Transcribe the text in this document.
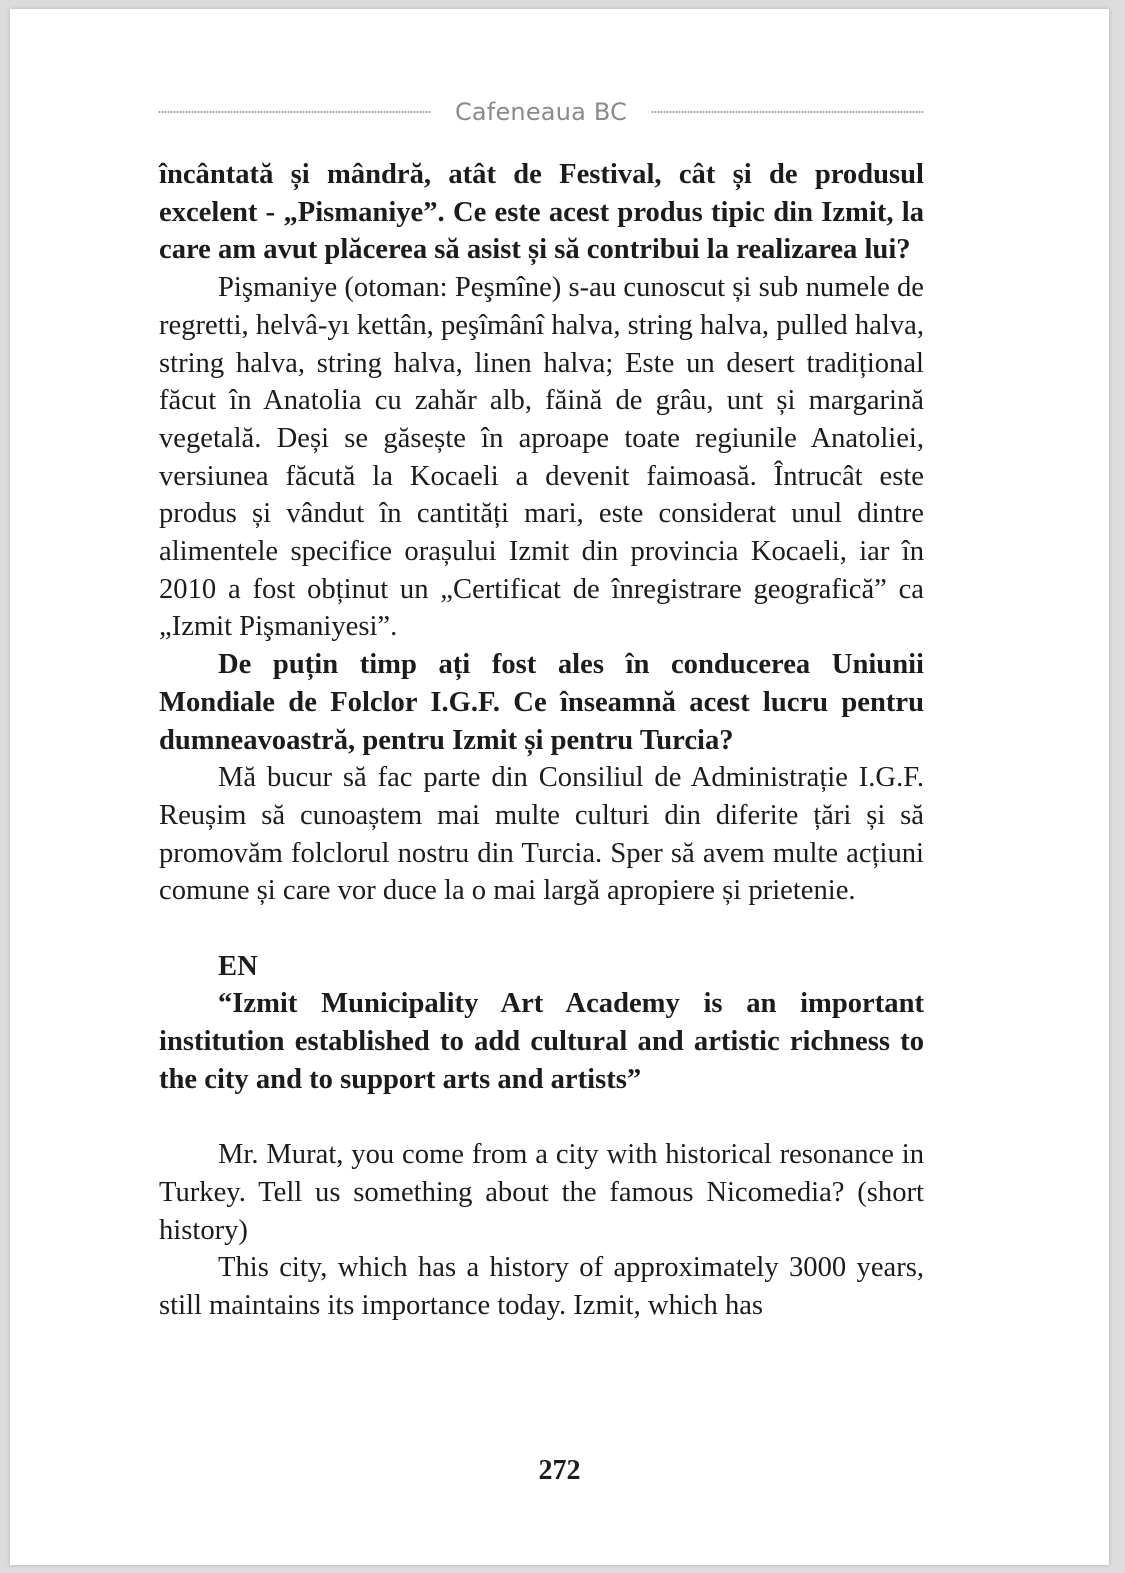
Cafeneaua BC

încântată și mândră, atât de Festival, cât și de produsul excelent - „Pismaniye”. Ce este acest produs tipic din Izmit, la care am avut plăcerea să asist și să contribui la realizarea lui?

Pişmaniye (otoman: Peşmîne) s-au cunoscut și sub numele de regretti, helvâ-yı kettân, peşîmânî halva, string halva, pulled halva, string halva, string halva, linen halva; Este un desert tradițional făcut în Anatolia cu zahăr alb, făină de grâu, unt și margarină vegetală. Deși se găsește în aproape toate regiunile Anatoliei, versiunea făcută la Kocaeli a devenit faimoasă. Întrucât este produs și vândut în cantități mari, este considerat unul dintre alimentele specifice orașului Izmit din provincia Kocaeli, iar în 2010 a fost obținut un „Certificat de înregistrare geografică” ca „Izmit Pişmaniyesi”.

De puțin timp ați fost ales în conducerea Uniunii Mondiale de Folclor I.G.F. Ce înseamnă acest lucru pentru dumneavoastră, pentru Izmit și pentru Turcia?

Mă bucur să fac parte din Consiliul de Administrație I.G.F. Reușim să cunoaștem mai multe culturi din diferite țări și să promovăm folclorul nostru din Turcia. Sper să avem multe acțiuni comune și care vor duce la o mai largă apropiere și prietenie.

EN

“Izmit Municipality Art Academy is an important institution established to add cultural and artistic richness to the city and to support arts and artists”

Mr. Murat, you come from a city with historical resonance in Turkey. Tell us something about the famous Nicomedia? (short history)

This city, which has a history of approximately 3000 years, still maintains its importance today. Izmit, which has

272
